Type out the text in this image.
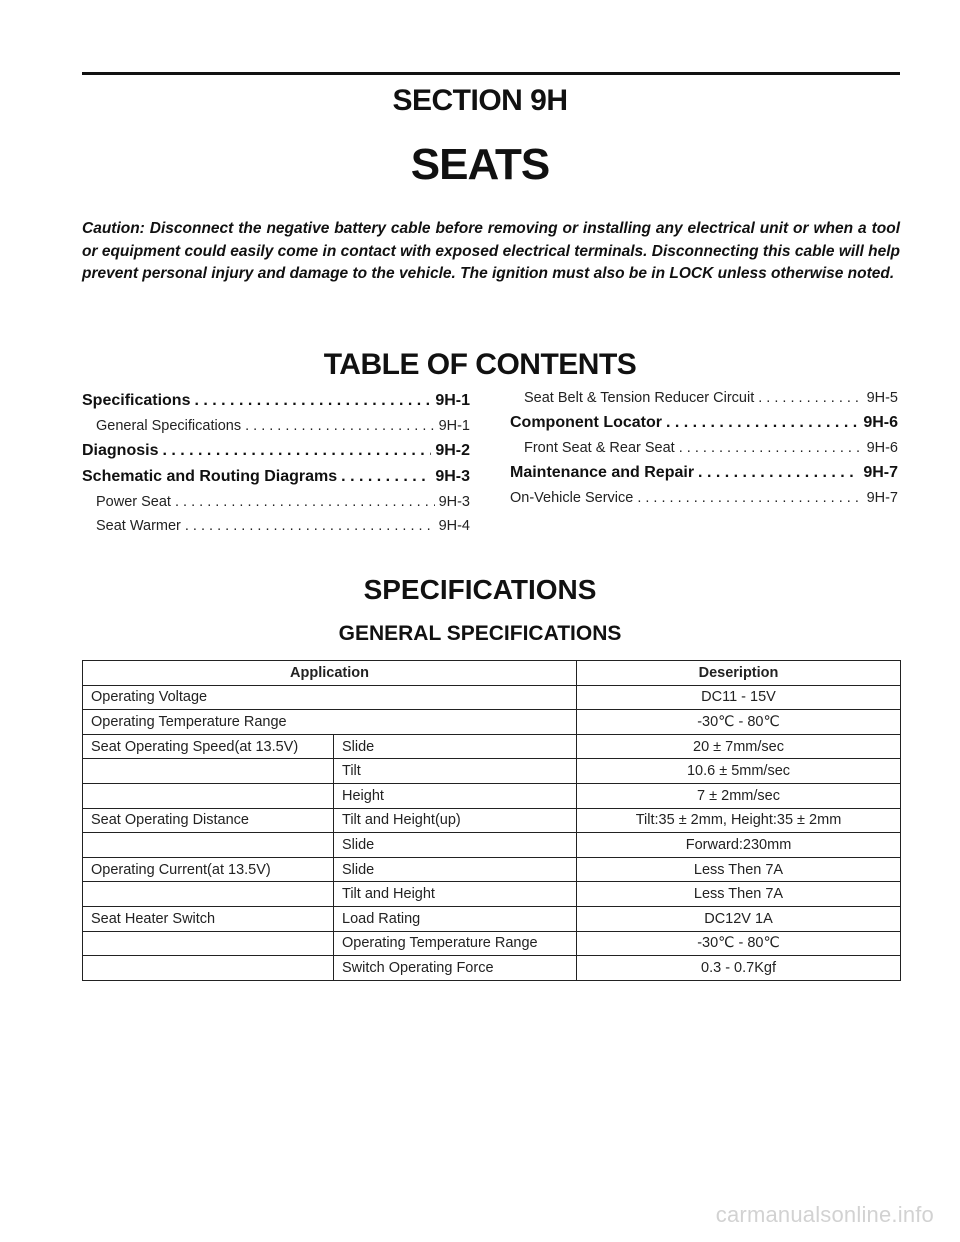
SECTION 9H
SEATS
Caution: Disconnect the negative battery cable before removing or installing any electrical unit or when a tool or equipment could easily come in contact with exposed electrical terminals. Disconnecting this cable will help prevent personal injury and damage to the vehicle. The ignition must also be in LOCK unless otherwise noted.
TABLE OF CONTENTS
Specifications . . .	9H-1
General Specifications . . .	9H-1
Diagnosis . . .	9H-2
Schematic and Routing Diagrams . . .	9H-3
Power Seat . . .	9H-3
Seat Warmer . . .	9H-4
Seat Belt & Tension Reducer Circuit . . .	9H-5
Component Locator . . .	9H-6
Front Seat & Rear Seat . . .	9H-6
Maintenance and Repair . . .	9H-7
On-Vehicle Service . . .	9H-7
SPECIFICATIONS
GENERAL SPECIFICATIONS
Application		Deseription
Operating Voltage		DC11 - 15V
Operating Temperature Range		-30℃ - 80℃
Seat Operating Speed(at 13.5V)	Slide	20 ± 7mm/sec
	Tilt	10.6 ± 5mm/sec
	Height	7 ± 2mm/sec
Seat Operating Distance	Tilt and Height(up)	Tilt:35 ± 2mm, Height:35 ± 2mm
	Slide	Forward:230mm
Operating Current(at 13.5V)	Slide	Less Then 7A
	Tilt and Height	Less Then 7A
Seat Heater Switch	Load Rating	DC12V 1A
	Operating Temperature Range	-30℃ - 80℃
	Switch Operating Force	0.3 - 0.7Kgf
carmanualsonline.info
